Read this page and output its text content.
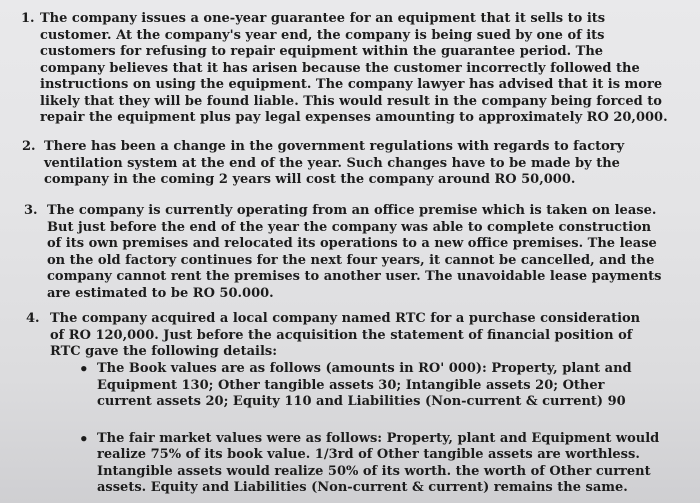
1. The company issues a one-year guarantee for an equipment that it sells to its customer. At the company's year end, the company is being sued by one of its customers for refusing to repair equipment within the guarantee period. The company believes that it has arisen because the customer incorrectly followed the instructions on using the equipment. The company lawyer has advised that it is more likely that they will be found liable. This would result in the company being forced to repair the equipment plus pay legal expenses amounting to approximately RO 20,000.

2. There has been a change in the government regulations with regards to factory ventilation system at the end of the year. Such changes have to be made by the company in the coming 2 years will cost the company around RO 50,000.

3. The company is currently operating from an office premise which is taken on lease. But just before the end of the year the company was able to complete construction of its own premises and relocated its operations to a new office premises. The lease on the old factory continues for the next four years, it cannot be cancelled, and the company cannot rent the premises to another user. The unavoidable lease payments are estimated to be RO 50.000.

4. The company acquired a local company named RTC for a purchase consideration of RO 120,000. Just before the acquisition the statement of financial position of RTC gave the following details:

• The Book values are as follows (amounts in RO' 000): Property, plant and Equipment 130; Other tangible assets 30; Intangible assets 20; Other current assets 20; Equity 110 and Liabilities (Non-current & current) 90

• The fair market values were as follows: Property, plant and Equipment would realize 75% of its book value. 1/3rd of Other tangible assets are worthless. Intangible assets would realize 50% of its worth. the worth of Other current assets. Equity and Liabilities (Non-current & current) remains the same.
